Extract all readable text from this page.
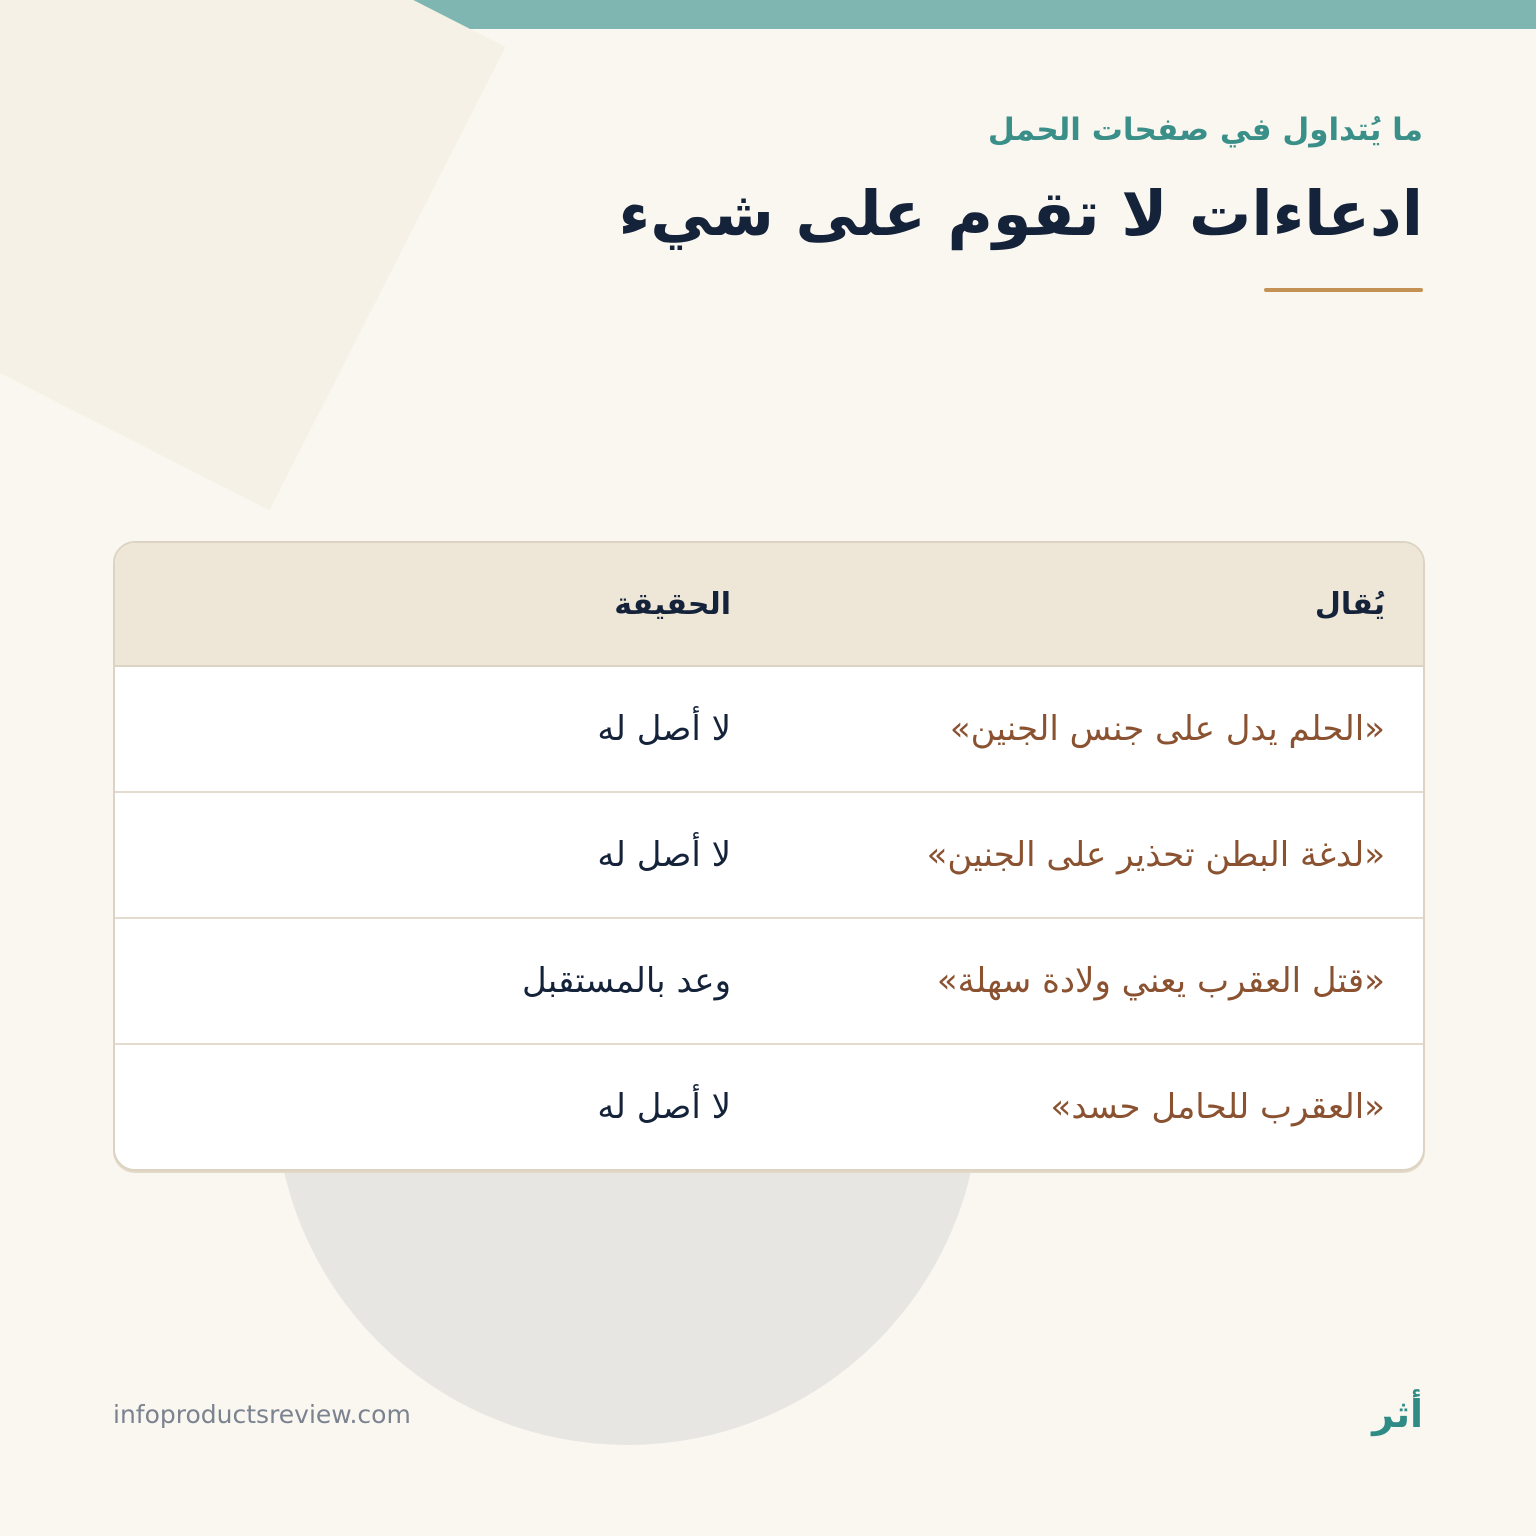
ما يُتداول في صفحات الحمل
ادعاءات لا تقوم على شيء
يُقال
الحقيقة
«الحلم يدل على جنس الجنين»
لا أصل له
«لدغة البطن تحذير على الجنين»
لا أصل له
«قتل العقرب يعني ولادة سهلة»
وعد بالمستقبل
«العقرب للحامل حسد»
لا أصل له
infoproductsreview.com	أثر
